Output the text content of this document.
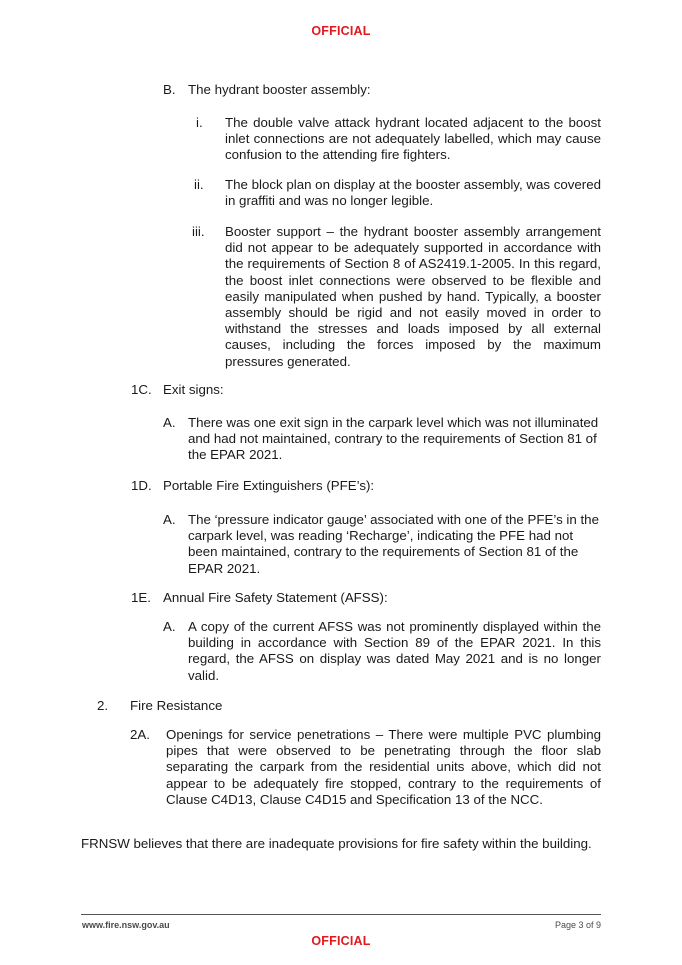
OFFICIAL
B. The hydrant booster assembly:
i. The double valve attack hydrant located adjacent to the boost inlet connections are not adequately labelled, which may cause confusion to the attending fire fighters.
ii. The block plan on display at the booster assembly, was covered in graffiti and was no longer legible.
iii. Booster support – the hydrant booster assembly arrangement did not appear to be adequately supported in accordance with the requirements of Section 8 of AS2419.1-2005. In this regard, the boost inlet connections were observed to be flexible and easily manipulated when pushed by hand. Typically, a booster assembly should be rigid and not easily moved in order to withstand the stresses and loads imposed by all external causes, including the forces imposed by the maximum pressures generated.
1C. Exit signs:
A. There was one exit sign in the carpark level which was not illuminated and had not maintained, contrary to the requirements of Section 81 of the EPAR 2021.
1D. Portable Fire Extinguishers (PFE’s):
A. The ‘pressure indicator gauge’ associated with one of the PFE’s in the carpark level, was reading ‘Recharge’, indicating the PFE had not been maintained, contrary to the requirements of Section 81 of the EPAR 2021.
1E. Annual Fire Safety Statement (AFSS):
A. A copy of the current AFSS was not prominently displayed within the building in accordance with Section 89 of the EPAR 2021. In this regard, the AFSS on display was dated May 2021 and is no longer valid.
2. Fire Resistance
2A. Openings for service penetrations – There were multiple PVC plumbing pipes that were observed to be penetrating through the floor slab separating the carpark from the residential units above, which did not appear to be adequately fire stopped, contrary to the requirements of Clause C4D13, Clause C4D15 and Specification 13 of the NCC.
FRNSW believes that there are inadequate provisions for fire safety within the building.
www.fire.nsw.gov.au	Page 3 of 9
OFFICIAL
